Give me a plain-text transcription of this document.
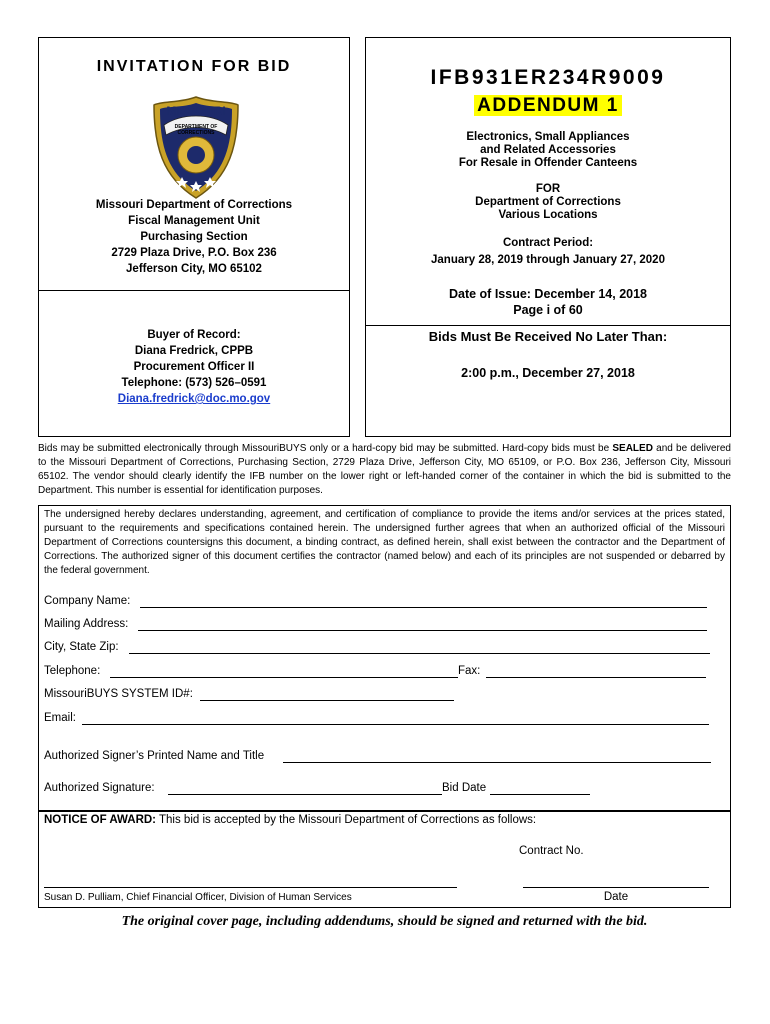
INVITATION FOR BID
MISSOURI
DEPARTMENT OF CORRECTIONS
Missouri Department of Corrections
Fiscal Management Unit
Purchasing Section
2729 Plaza Drive, P.O. Box 236
Jefferson City, MO 65102
Buyer of Record:
Diana Fredrick, CPPB
Procurement Officer II
Telephone: (573) 526–0591
Diana.fredrick@doc.mo.gov
IFB931ER234R9009
ADDENDUM 1
Electronics, Small Appliances
and Related Accessories
For Resale in Offender Canteens
FOR
Department of Corrections
Various Locations
Contract Period:
January 28, 2019 through January 27, 2020
Date of Issue: December 14, 2018
Page i of 60
Bids Must Be Received No Later Than:
2:00 p.m., December 27, 2018
Bids may be submitted electronically through MissouriBUYS only or a hard-copy bid may be submitted. Hard-copy bids must be SEALED and be delivered to the Missouri Department of Corrections, Purchasing Section, 2729 Plaza Drive, Jefferson City, MO 65109, or P.O. Box 236, Jefferson City, Missouri 65102. The vendor should clearly identify the IFB number on the lower right or left-handed corner of the container in which the bid is submitted to the Department. This number is essential for identification purposes.
The undersigned hereby declares understanding, agreement, and certification of compliance to provide the items and/or services at the prices stated, pursuant to the requirements and specifications contained herein. The undersigned further agrees that when an authorized official of the Missouri Department of Corrections countersigns this document, a binding contract, as defined herein, shall exist between the contractor and the Department of Corrections. The authorized signer of this document certifies the contractor (named below) and each of its principles are not suspended or debarred by the federal government.
Company Name:
Mailing Address:
City, State Zip:
Telephone:	Fax:
MissouriBUYS SYSTEM ID#:
Email:
Authorized Signer’s Printed Name and Title
Authorized Signature:	Bid Date
NOTICE OF AWARD: This bid is accepted by the Missouri Department of Corrections as follows:
Contract No.
Susan D. Pulliam, Chief Financial Officer, Division of Human Services	Date
The original cover page, including addendums, should be signed and returned with the bid.
